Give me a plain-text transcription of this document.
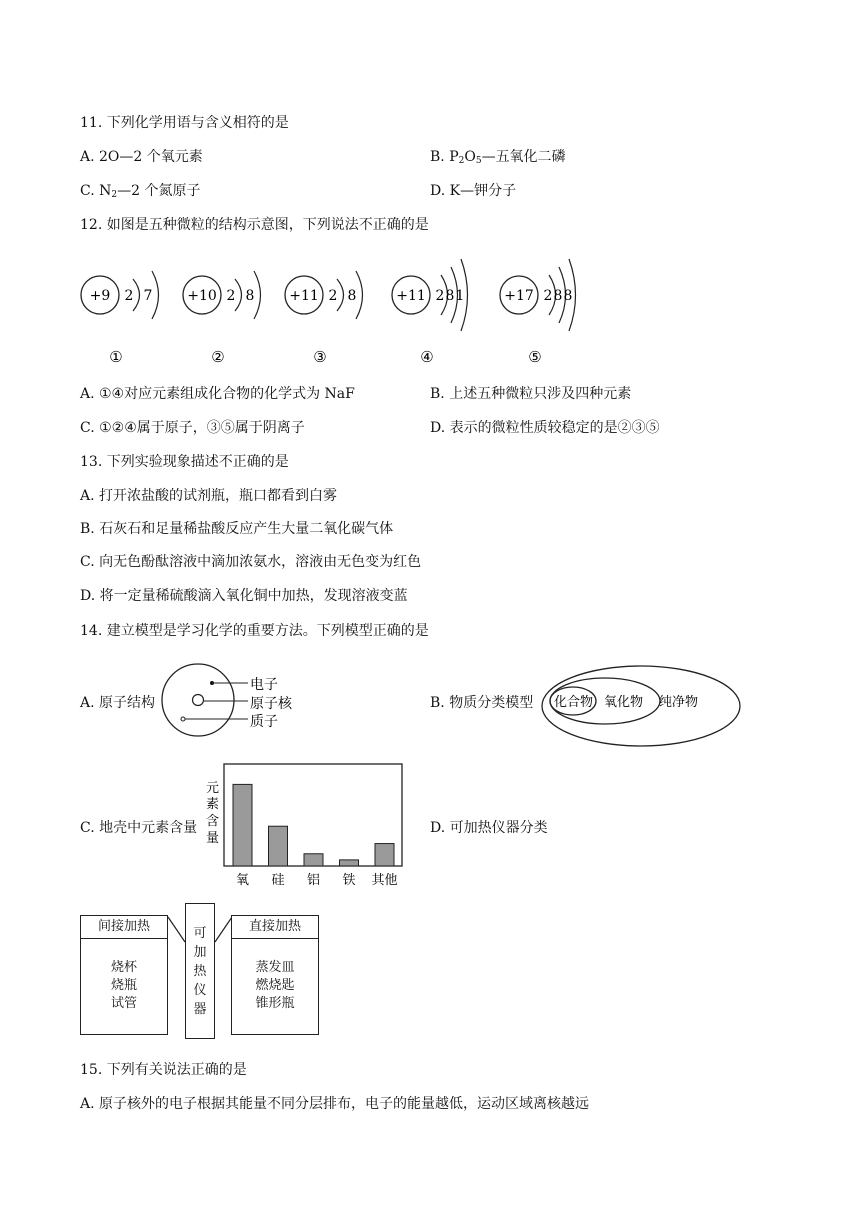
11. 下列化学用语与含义相符的是
A. 2O—2 个氧元素	B. $P_2O_5—$五氧化二磷
C. $N_2—2$ 个氮原子	D. K—钾分子
12. 如图是五种微粒的结构示意图，下列说法不正确的是
+9 2 7
①
+10 2 8
②
+11 2 8
③
+11 2 8 1
④
+17 2 8 8
⑤
A. ①④对应元素组成化合物的化学式为 NaF	B. 上述五种微粒只涉及四种元素
C. ①②④属于原子，③⑤属于阴离子	D. 表示的微粒性质较稳定的是②③⑤
13. 下列实验现象描述不正确的是
A. 打开浓盐酸的试剂瓶，瓶口都看到白雾
B. 石灰石和足量稀盐酸反应产生大量二氧化碳气体
C. 向无色酚酞溶液中滴加浓氨水，溶液由无色变为红色
D. 将一定量稀硫酸滴入氧化铜中加热，发现溶液变蓝
14. 建立模型是学习化学的重要方法。下列模型正确的是
A. 原子结构
电子
原子核
质子
B. 物质分类模型 化合物 氧化物 纯净物
C. 地壳中元素含量
元
素
含
量
氧 硅 铝 铁 其他
D. 可加热仪器分类
间接加热
烧杯
烧瓶
试管
可
加
热
仪
器
直接加热
蒸发皿
燃烧匙
锥形瓶
15. 下列有关说法正确的是
A. 原子核外的电子根据其能量不同分层排布，电子的能量越低，运动区域离核越远
